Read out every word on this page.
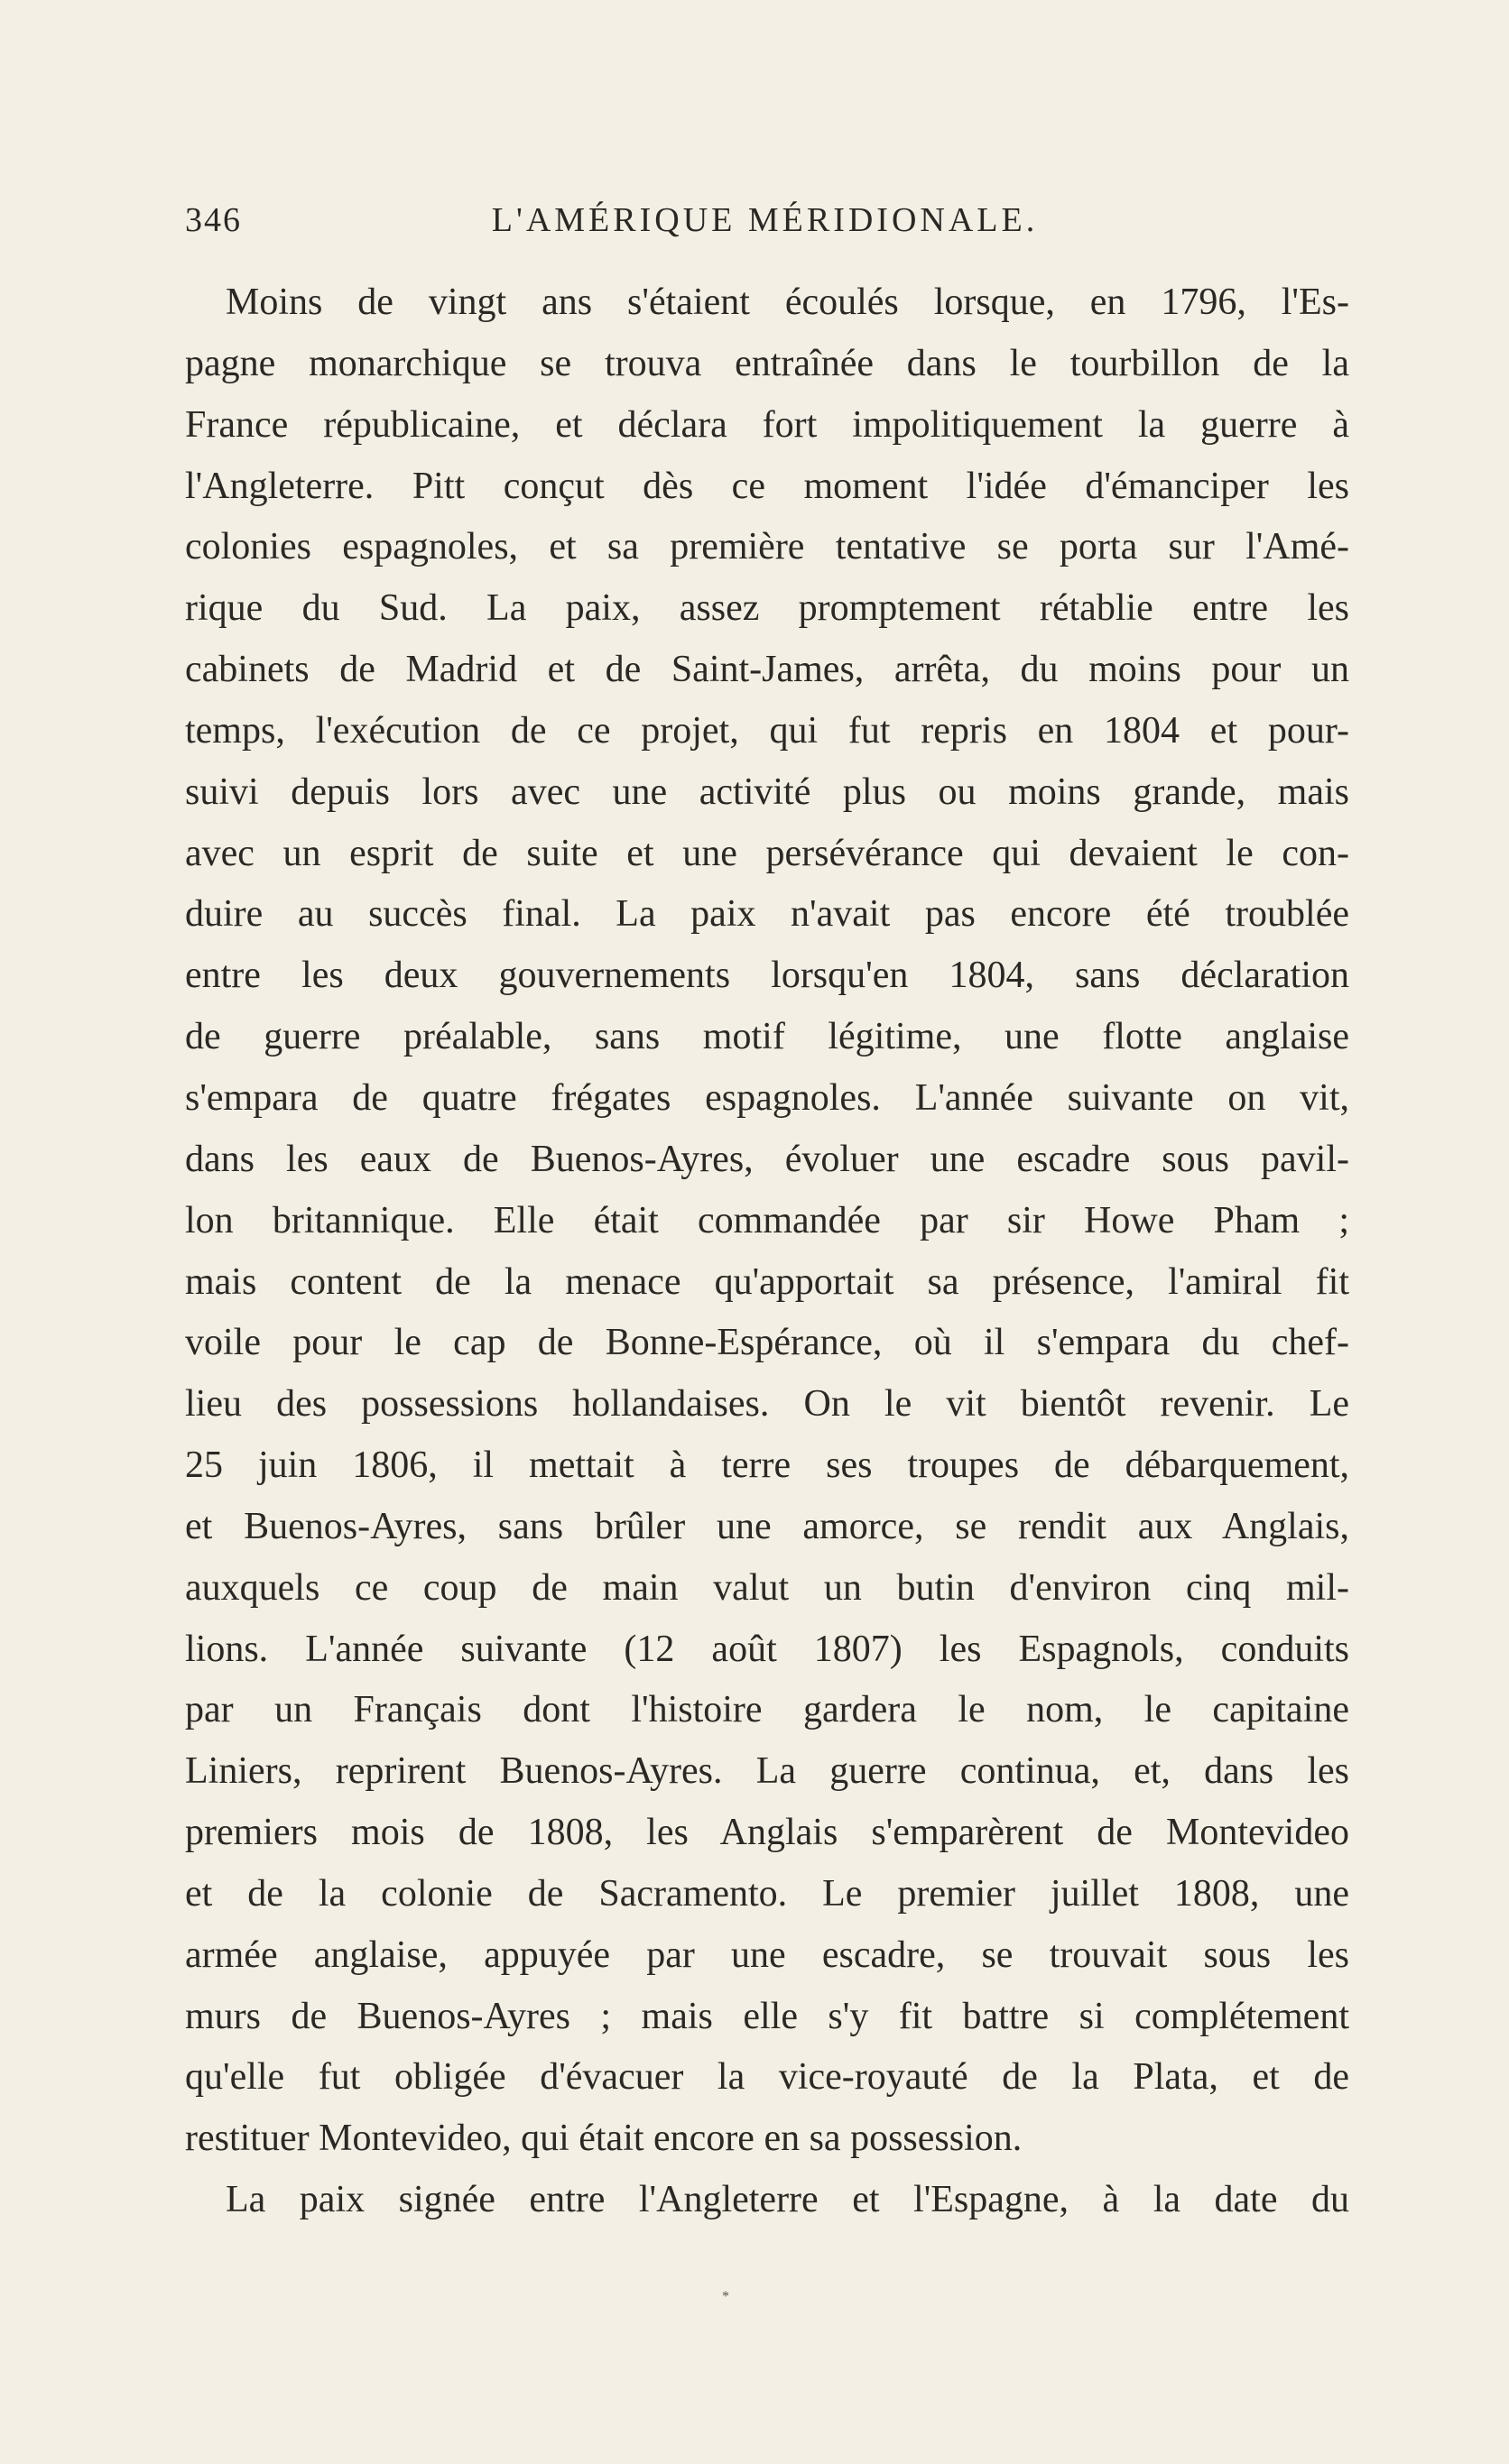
346	L'AMÉRIQUE MÉRIDIONALE.
Moins de vingt ans s'étaient écoulés lorsque, en 1796, l'Es-
pagne monarchique se trouva entraînée dans le tourbillon de la
France républicaine, et déclara fort impolitiquement la guerre à
l'Angleterre. Pitt conçut dès ce moment l'idée d'émanciper les
colonies espagnoles, et sa première tentative se porta sur l'Amé-
rique du Sud. La paix, assez promptement rétablie entre les
cabinets de Madrid et de Saint-James, arrêta, du moins pour un
temps, l'exécution de ce projet, qui fut repris en 1804 et pour-
suivi depuis lors avec une activité plus ou moins grande, mais
avec un esprit de suite et une persévérance qui devaient le con-
duire au succès final. La paix n'avait pas encore été troublée
entre les deux gouvernements lorsqu'en 1804, sans déclaration
de guerre préalable, sans motif légitime, une flotte anglaise
s'empara de quatre frégates espagnoles. L'année suivante on vit,
dans les eaux de Buenos-Ayres, évoluer une escadre sous pavil-
lon britannique. Elle était commandée par sir Howe Pham ;
mais content de la menace qu'apportait sa présence, l'amiral fit
voile pour le cap de Bonne-Espérance, où il s'empara du chef-
lieu des possessions hollandaises. On le vit bientôt revenir. Le
25 juin 1806, il mettait à terre ses troupes de débarquement,
et Buenos-Ayres, sans brûler une amorce, se rendit aux Anglais,
auxquels ce coup de main valut un butin d'environ cinq mil-
lions. L'année suivante (12 août 1807) les Espagnols, conduits
par un Français dont l'histoire gardera le nom, le capitaine
Liniers, reprirent Buenos-Ayres. La guerre continua, et, dans les
premiers mois de 1808, les Anglais s'emparèrent de Montevideo
et de la colonie de Sacramento. Le premier juillet 1808, une
armée anglaise, appuyée par une escadre, se trouvait sous les
murs de Buenos-Ayres ; mais elle s'y fit battre si complétement
qu'elle fut obligée d'évacuer la vice-royauté de la Plata, et de
restituer Montevideo, qui était encore en sa possession.
La paix signée entre l'Angleterre et l'Espagne, à la date du
*
